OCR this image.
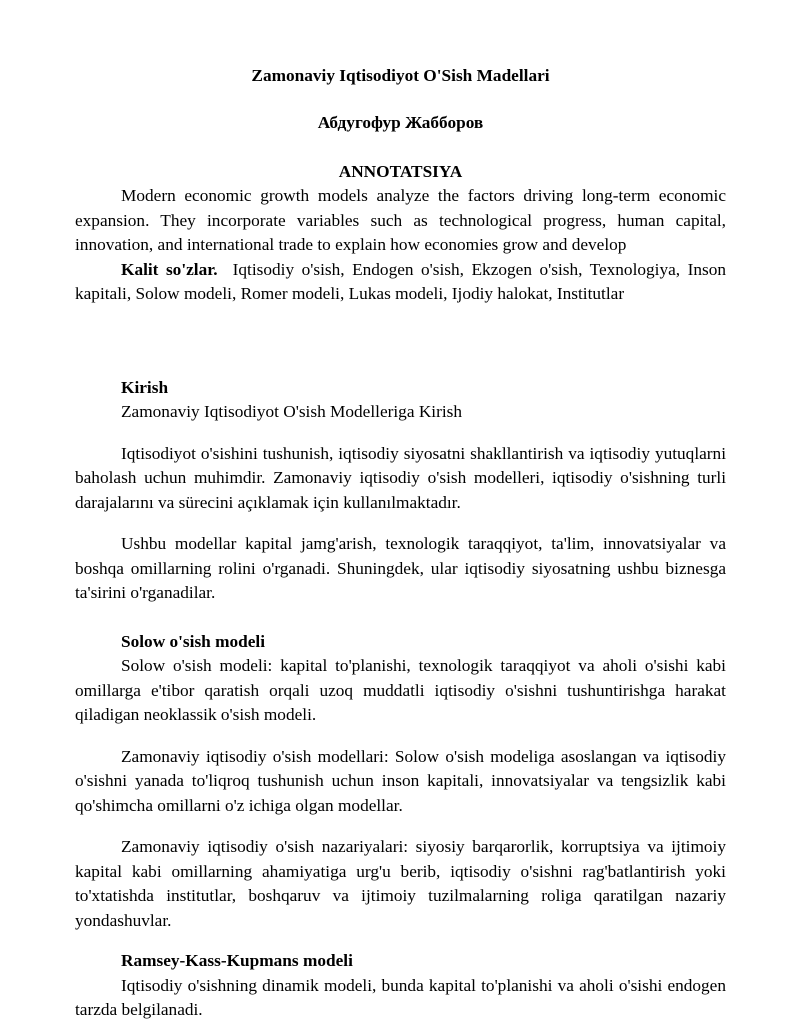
Zamonaviy Iqtisodiyot O'Sish Madellari

Абдугофур Жабборов

ANNOTATSIYA

Modern economic growth models analyze the factors driving long-term economic expansion. They incorporate variables such as technological progress, human capital, innovation, and international trade to explain how economies grow and develop

Kalit so'zlar. Iqtisodiy o'sish, Endogen o'sish, Ekzogen o'sish, Texnologiya, Inson kapitali, Solow modeli, Romer modeli, Lukas modeli, Ijodiy halokat, Institutlar

Kirish

Zamonaviy Iqtisodiyot O'sish Modelleriga Kirish

Iqtisodiyot o'sishini tushunish, iqtisodiy siyosatni shakllantirish va iqtisodiy yutuqlarni baholash uchun muhimdir. Zamonaviy iqtisodiy o'sish modelleri, iqtisodiy o'sishning turli darajalarını va sürecini açıklamak için kullanılmaktadır.

Ushbu modellar kapital jamg'arish, texnologik taraqqiyot, ta'lim, innovatsiyalar va boshqa omillarning rolini o'rganadi. Shuningdek, ular iqtisodiy siyosatning ushbu biznesga ta'sirini o'rganadilar.

Solow o'sish modeli

Solow o'sish modeli: kapital to'planishi, texnologik taraqqiyot va aholi o'sishi kabi omillarga e'tibor qaratish orqali uzoq muddatli iqtisodiy o'sishni tushuntirishga harakat qiladigan neoklassik o'sish modeli.

Zamonaviy iqtisodiy o'sish modellari: Solow o'sish modeliga asoslangan va iqtisodiy o'sishni yanada to'liqroq tushunish uchun inson kapitali, innovatsiyalar va tengsizlik kabi qo'shimcha omillarni o'z ichiga olgan modellar.

Zamonaviy iqtisodiy o'sish nazariyalari: siyosiy barqarorlik, korruptsiya va ijtimoiy kapital kabi omillarning ahamiyatiga urg'u berib, iqtisodiy o'sishni rag'batlantirish yoki to'xtatishda institutlar, boshqaruv va ijtimoiy tuzilmalarning roliga qaratilgan nazariy yondashuvlar.

Ramsey-Kass-Kupmans modeli

Iqtisodiy o'sishning dinamik modeli, bunda kapital to'planishi va aholi o'sishi endogen tarzda belgilanadi.
